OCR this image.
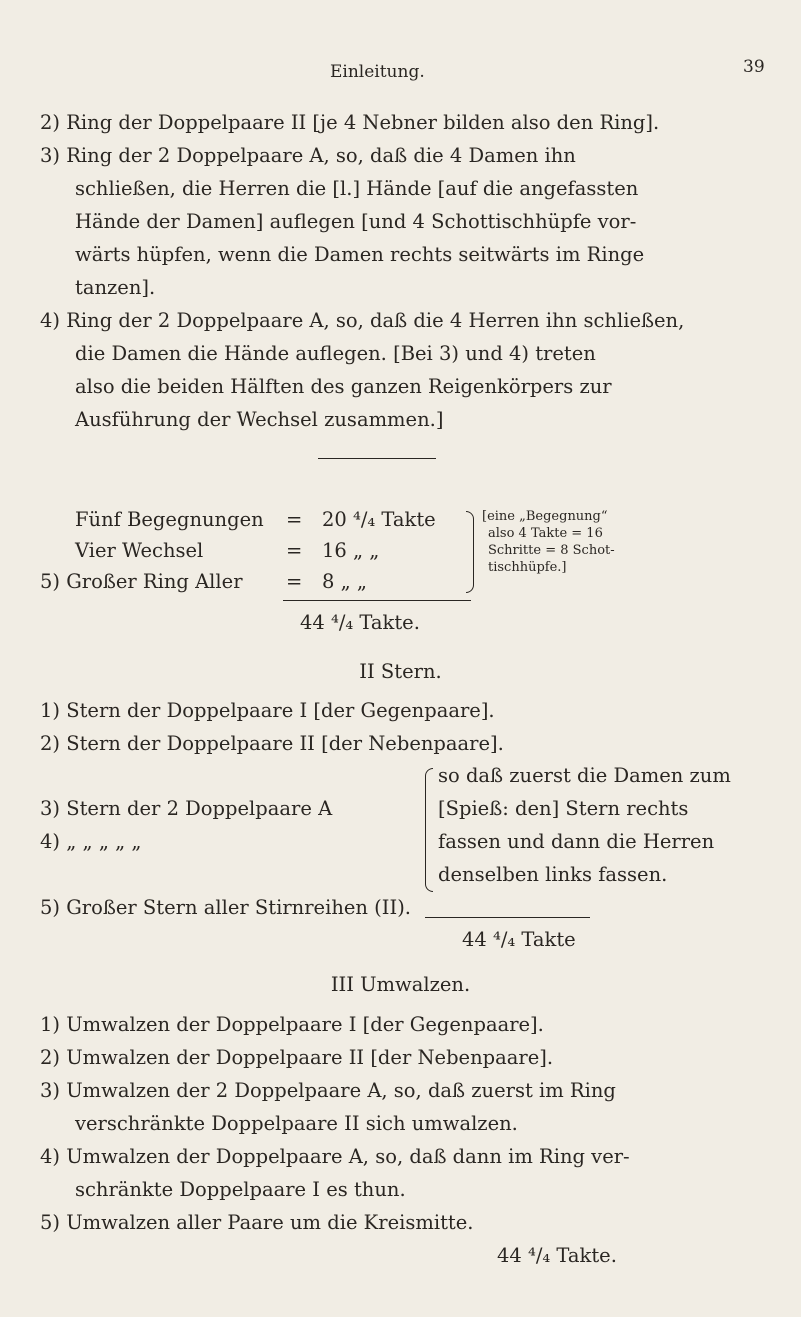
Einleitung.	39
2) Ring der Doppelpaare II [je 4 Nebner bilden also den Ring].
3) Ring der 2 Doppelpaare A, so, daß die 4 Damen ihn
schließen, die Herren die [l.] Hände [auf die angefassten
Hände der Damen] auflegen [und 4 Schottischhüpfe vor-
wärts hüpfen, wenn die Damen rechts seitwärts im Ringe
tanzen].
4) Ring der 2 Doppelpaare A, so, daß die 4 Herren ihn schließen,
die Damen die Hände auflegen. [Bei 3) und 4) treten
also die beiden Hälften des ganzen Reigenkörpers zur
Ausführung der Wechsel zusammen.]
Fünf Begegnungen = 20 ⁴/₄ Takte
Vier Wechsel	= 16 „ „
5) Großer Ring Aller = 8 „ „
[eine „Begegnung“
also 4 Takte = 16
Schritte = 8 Schot-
tischhüpfe.]
44 ⁴/₄ Takte.
II Stern.
1) Stern der Doppelpaare I [der Gegenpaare].
2) Stern der Doppelpaare II [der Nebenpaare].
3) Stern der 2 Doppelpaare A
4) „ „ „ „ „
so daß zuerst die Damen zum
[Spieß: den] Stern rechts
fassen und dann die Herren
denselben links fassen.
5) Großer Stern aller Stirnreihen (II).
44 ⁴/₄ Takte
III Umwalzen.
1) Umwalzen der Doppelpaare I [der Gegenpaare].
2) Umwalzen der Doppelpaare II [der Nebenpaare].
3) Umwalzen der 2 Doppelpaare A, so, daß zuerst im Ring
verschränkte Doppelpaare II sich umwalzen.
4) Umwalzen der Doppelpaare A, so, daß dann im Ring ver-
schränkte Doppelpaare I es thun.
5) Umwalzen aller Paare um die Kreismitte.
44 ⁴/₄ Takte.
